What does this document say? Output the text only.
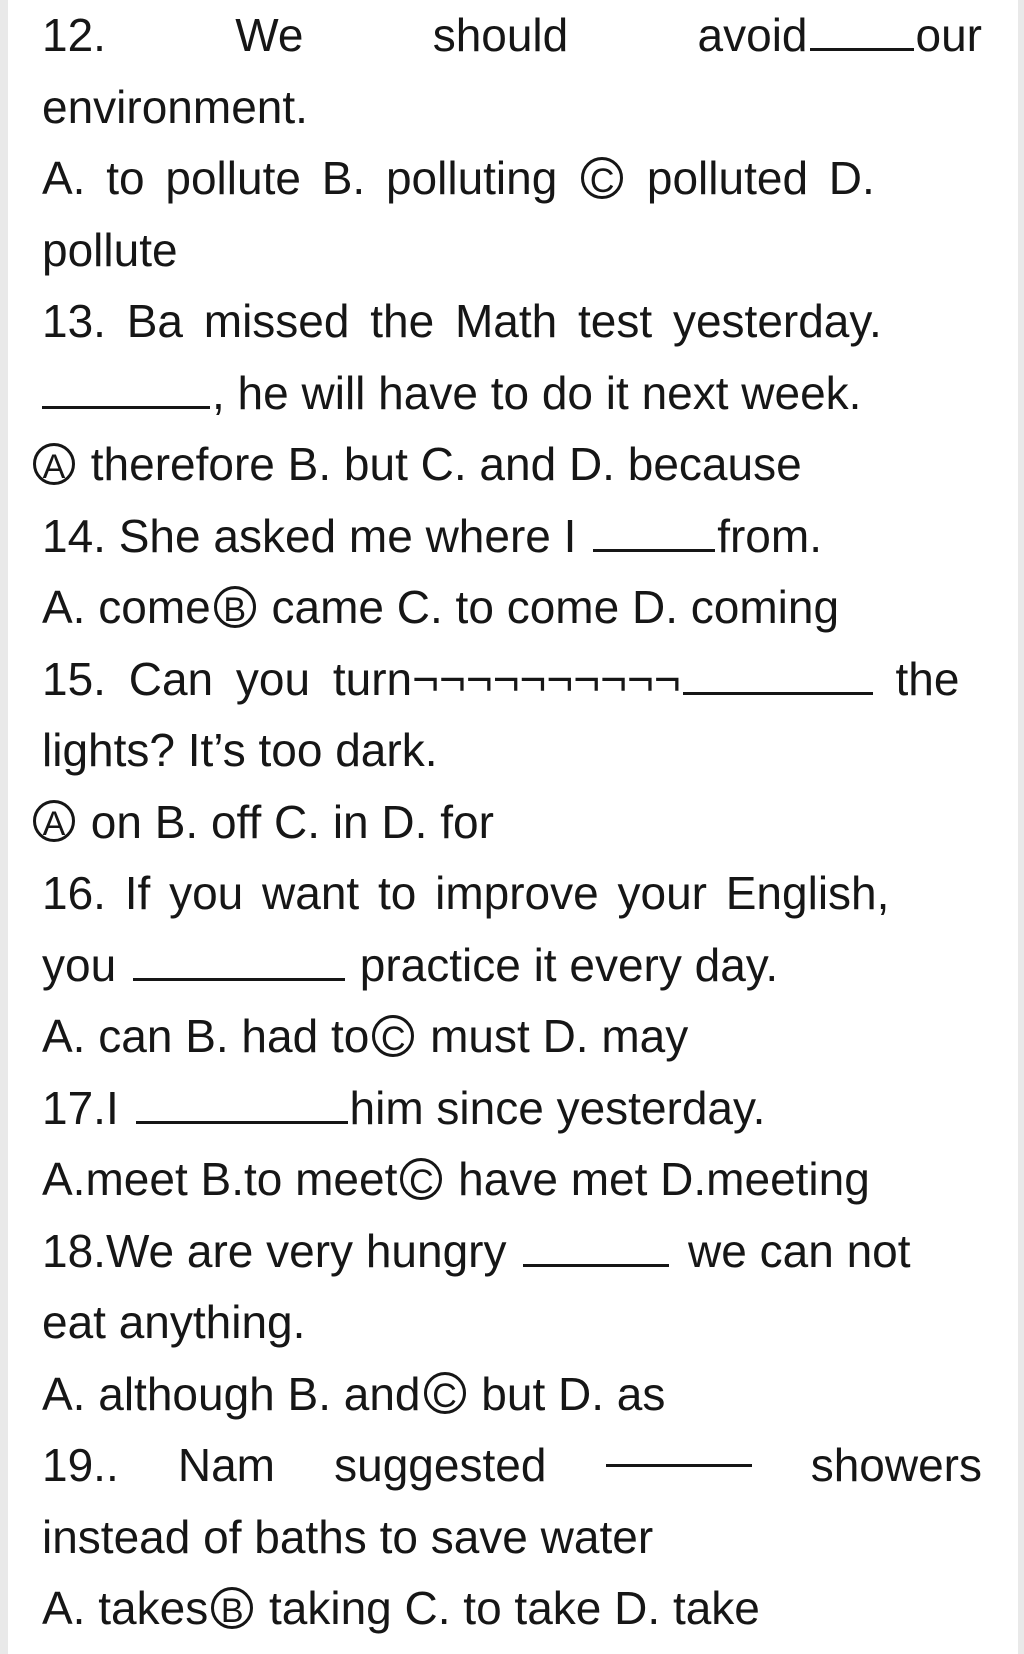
12.	We	should	avoid our
environment.
A. to pollute B. polluting C polluted D.
pollute
13. Ba missed the Math test yesterday.
, he will have to do it next week.
A therefore B. but C. and D. because
14. She asked me where I	from.
A. come B came C. to come D. coming
15. Can you turn¬¬¬¬¬¬¬¬¬¬	the
lights? It’s too dark.
A on B. off C. in D. for
16. If you want to improve your English,
you	practice it every day.
A. can B. had to C must D. may
17.I	him since yesterday.
A.meet B.to meet C have met D.meeting
18.We are very hungry	we can not
eat anything.
A. although B. and C but D. as
19.. Nam suggested	showers
instead of baths to save water
A. takes B taking C. to take D. take
